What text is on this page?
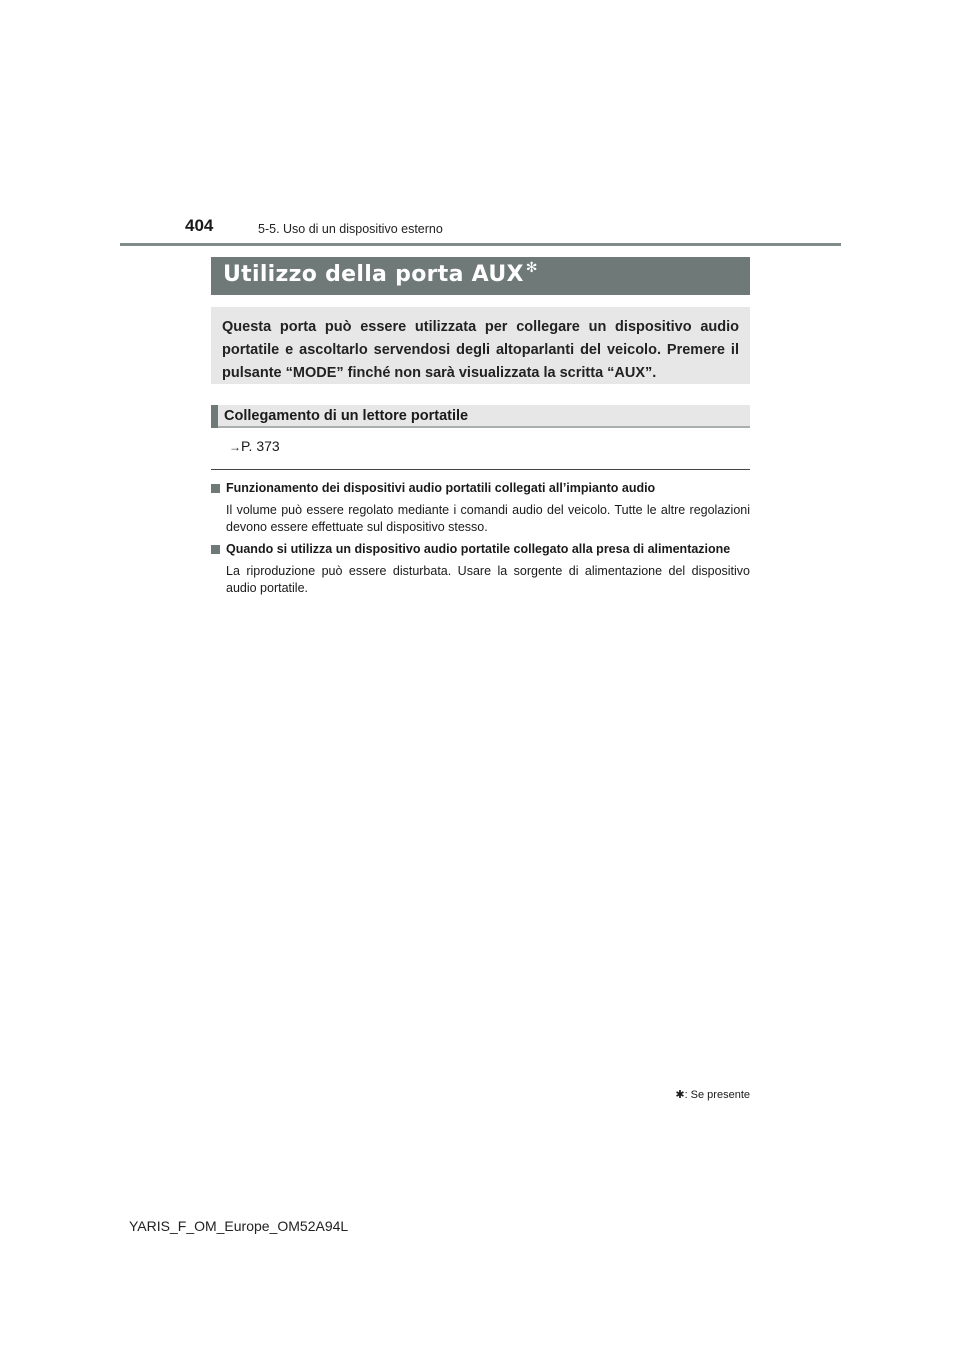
404	5-5. Uso di un dispositivo esterno
Utilizzo della porta AUX ✻
Questa porta può essere utilizzata per collegare un dispositivo audio portatile e ascoltarlo servendosi degli altoparlanti del veicolo. Premere il pulsante “MODE” finché non sarà visualizzata la scritta “AUX”.
Collegamento di un lettore portatile
→P. 373
Funzionamento dei dispositivi audio portatili collegati all’impianto audio
Il volume può essere regolato mediante i comandi audio del veicolo. Tutte le altre regolazioni devono essere effettuate sul dispositivo stesso.
Quando si utilizza un dispositivo audio portatile collegato alla presa di alimentazione
La riproduzione può essere disturbata. Usare la sorgente di alimentazione del dispositivo audio portatile.
✱: Se presente
YARIS_F_OM_Europe_OM52A94L
